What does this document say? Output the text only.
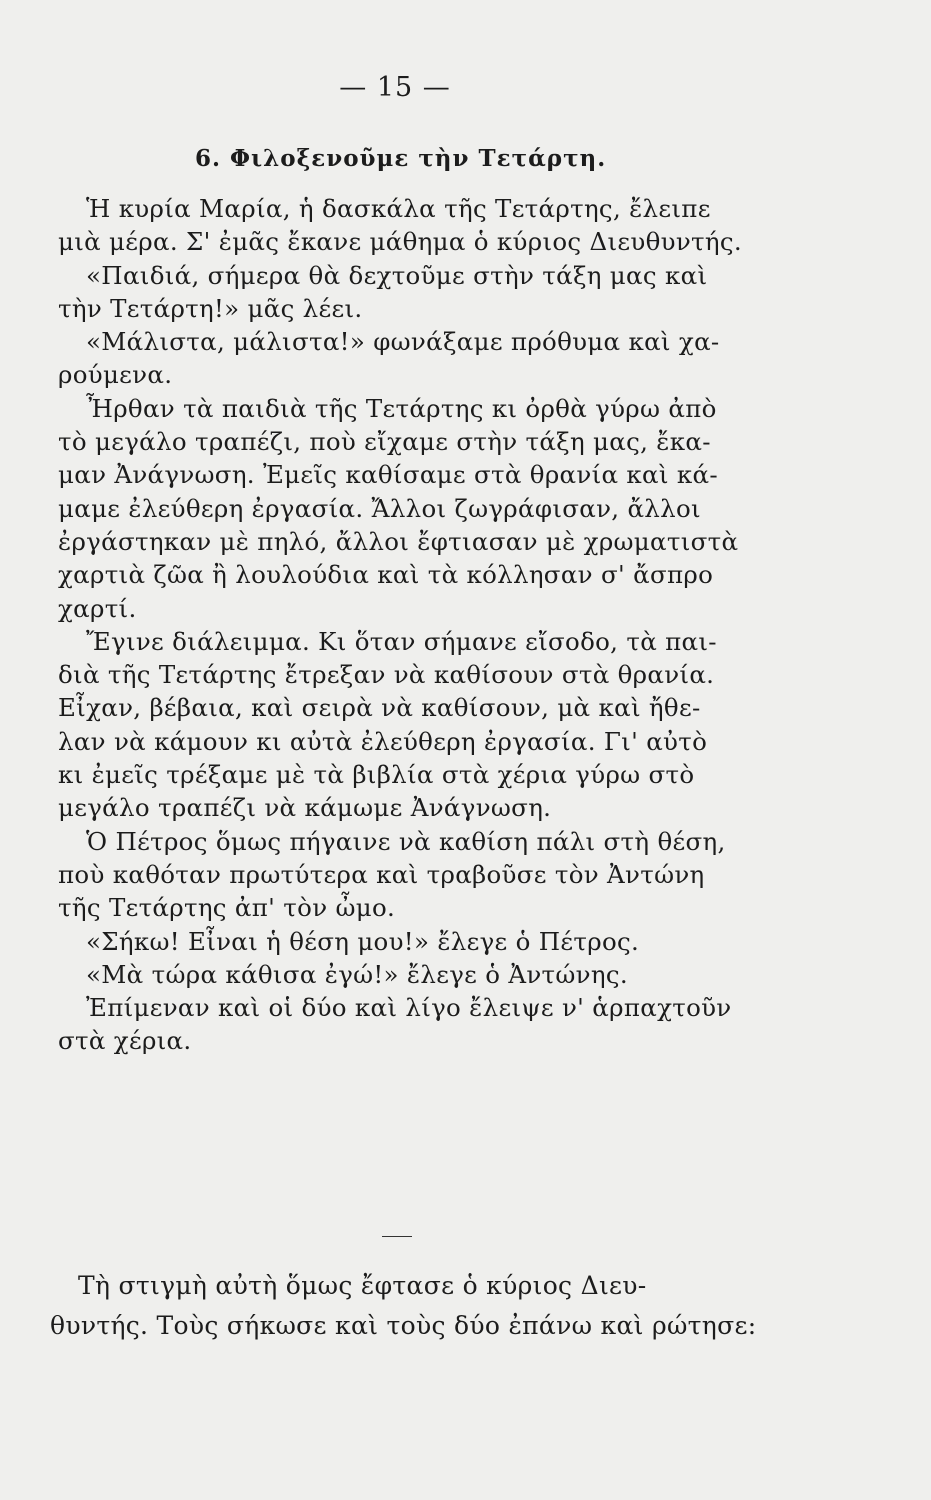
— 15 —
6. Φιλοξενοῦμε τὴν Τετάρτη.
Ἡ κυρία Μαρία, ἡ δασκάλα τῆς Τετάρτης, ἔλειπε
μιὰ μέρα. Σ' ἐμᾶς ἔκανε μάθημα ὁ κύριος Διευθυντής.
«Παιδιά, σήμερα θὰ δεχτοῦμε στὴν τάξη μας καὶ
τὴν Τετάρτη!» μᾶς λέει.
«Μάλιστα, μάλιστα!» φωνάξαμε πρόθυμα καὶ χα-
ρούμενα.
Ἦρθαν τὰ παιδιὰ τῆς Τετάρτης κι ὀρθὰ γύρω ἀπὸ
τὸ μεγάλο τραπέζι, ποὺ εἴχαμε στὴν τάξη μας, ἔκα-
μαν Ἀνάγνωση. Ἐμεῖς καθίσαμε στὰ θρανία καὶ κά-
μαμε ἐλεύθερη ἐργασία. Ἄλλοι ζωγράφισαν, ἄλλοι
ἐργάστηκαν μὲ πηλό, ἄλλοι ἔφτιασαν μὲ χρωματιστὰ
χαρτιὰ ζῶα ἢ λουλούδια καὶ τὰ κόλλησαν σ' ἄσπρο
χαρτί.
Ἔγινε διάλειμμα. Κι ὅταν σήμανε εἴσοδο, τὰ παι-
διὰ τῆς Τετάρτης ἔτρεξαν νὰ καθίσουν στὰ θρανία.
Εἶχαν, βέβαια, καὶ σειρὰ νὰ καθίσουν, μὰ καὶ ἤθε-
λαν νὰ κάμουν κι αὐτὰ ἐλεύθερη ἐργασία. Γι' αὐτὸ
κι ἐμεῖς τρέξαμε μὲ τὰ βιβλία στὰ χέρια γύρω στὸ
μεγάλο τραπέζι νὰ κάμωμε Ἀνάγνωση.
Ὁ Πέτρος ὅμως πήγαινε νὰ καθίση πάλι στὴ θέση,
ποὺ καθόταν πρωτύτερα καὶ τραβοῦσε τὸν Ἀντώνη
τῆς Τετάρτης ἀπ' τὸν ὦμο.
«Σήκω! Εἶναι ἡ θέση μου!» ἔλεγε ὁ Πέτρος.
«Μὰ τώρα κάθισα ἐγώ!» ἔλεγε ὁ Ἀντώνης.
Ἐπίμεναν καὶ οἱ δύο καὶ λίγο ἔλειψε ν' ἁρπαχτοῦν
στὰ χέρια.
Τὴ στιγμὴ αὐτὴ ὅμως ἔφτασε ὁ κύριος Διευ-
θυντής. Τοὺς σήκωσε καὶ τοὺς δύο ἐπάνω καὶ ρώτησε:
